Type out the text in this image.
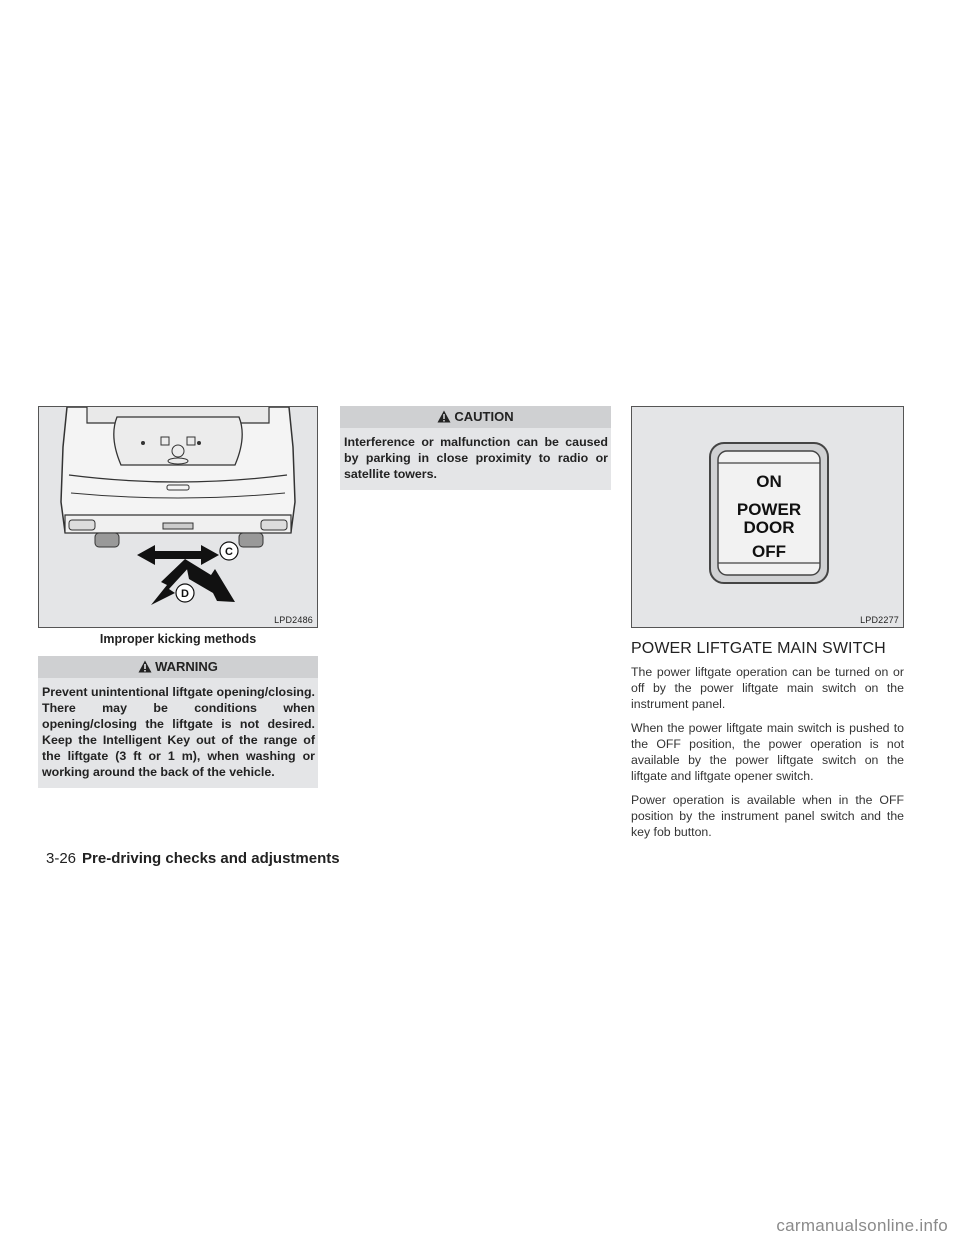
C
D
LPD2486
Improper kicking methods
WARNING
Prevent unintentional liftgate opening/closing. There may be conditions when opening/closing the liftgate is not desired. Keep the Intelligent Key out of the range of the liftgate (3 ft or 1 m), when washing or working around the back of the vehicle.
CAUTION
Interference or malfunction can be caused by parking in close proximity to radio or satellite towers.	ON
POWER
DOOR
OFF
LPD2277
POWER LIFTGATE MAIN SWITCH

The power liftgate operation can be turned on or off by the power liftgate main switch on the instrument panel.

When the power liftgate main switch is pushed to the OFF position, the power operation is not available by the power liftgate switch on the liftgate and liftgate opener switch.

Power operation is available when in the OFF position by the instrument panel switch and the key fob button.

3-26 Pre-driving checks and adjustments
carmanualsonline.info
